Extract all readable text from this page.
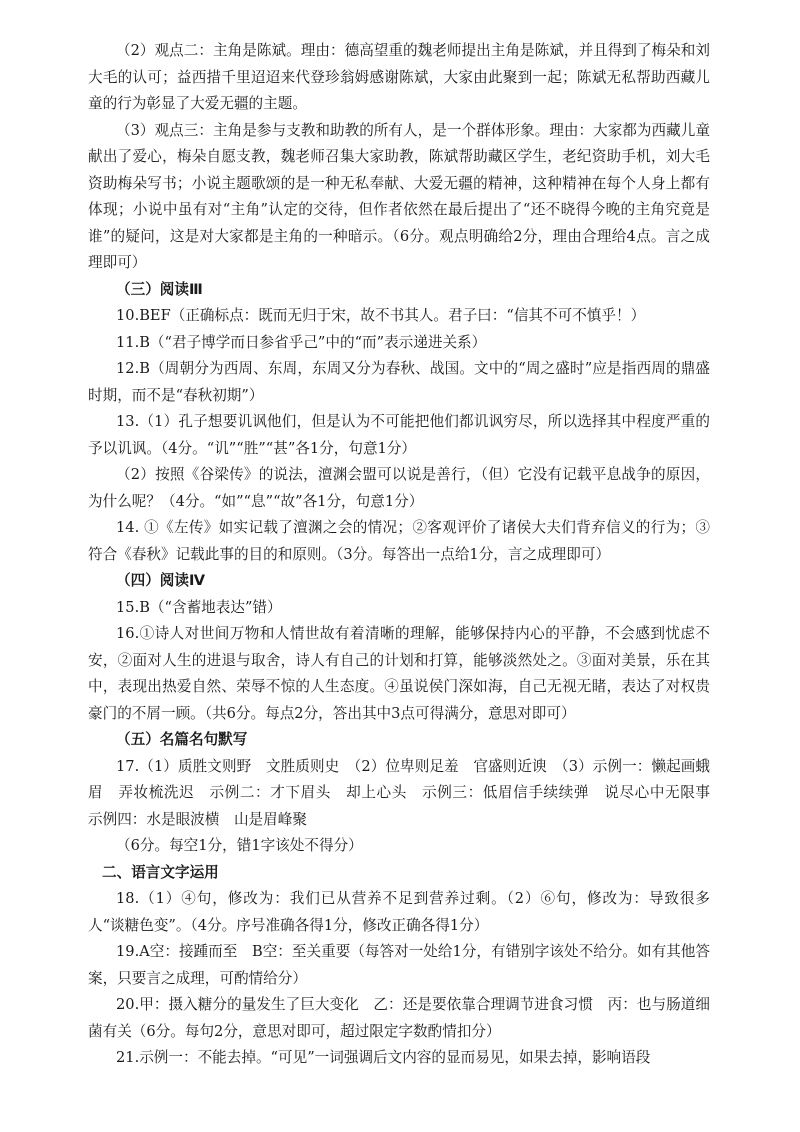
（2）观点二：主角是陈斌。理由：德高望重的魏老师提出主角是陈斌，并且得到了梅朵和刘大毛的认可；益西措千里迢迢来代登珍翁姆感谢陈斌，大家由此聚到一起；陈斌无私帮助西藏儿童的行为彰显了大爱无疆的主题。

（3）观点三：主角是参与支教和助教的所有人，是一个群体形象。理由：大家都为西藏儿童献出了爱心，梅朵自愿支教，魏老师召集大家助教，陈斌帮助藏区学生，老纪资助手机，刘大毛资助梅朵写书；小说主题歌颂的是一种无私奉献、大爱无疆的精神，这种精神在每个人身上都有体现；小说中虽有对“主角”认定的交待，但作者依然在最后提出了“还不晓得今晚的主角究竟是谁”的疑问，这是对大家都是主角的一种暗示。（6分。观点明确给2分，理由合理给4点。言之成理即可）

（三）阅读Ⅲ

10.BEF（正确标点：既而无归于宋，故不书其人。君子曰：“信其不可不慎乎！）

11.B（“君子博学而日参省乎己”中的“而”表示递进关系）

12.B（周朝分为西周、东周，东周又分为春秋、战国。文中的“周之盛时”应是指西周的鼎盛时期，而不是“春秋初期”）

13.（1）孔子想要讥讽他们，但是认为不可能把他们都讥讽穷尽，所以选择其中程度严重的予以讥讽。（4分。“讥”“胜”“甚”各1分，句意1分）

（2）按照《谷梁传》的说法，澶渊会盟可以说是善行，（但）它没有记载平息战争的原因，为什么呢？（4分。“如”“息”“故”各1分，句意1分）

14. ①《左传》如实记载了澶渊之会的情况；②客观评价了诸侯大夫们背弃信义的行为；③符合《春秋》记载此事的目的和原则。（3分。每答出一点给1分，言之成理即可）

（四）阅读Ⅳ

15.B（“含蓄地表达”错）

16.①诗人对世间万物和人情世故有着清晰的理解，能够保持内心的平静，不会感到忧虑不安，②面对人生的进退与取舍，诗人有自己的计划和打算，能够淡然处之。③面对美景，乐在其中，表现出热爱自然、荣辱不惊的人生态度。④虽说侯门深如海，自己无视无睹，表达了对权贵豪门的不屑一顾。（共6分。每点2分，答出其中3点可得满分，意思对即可）

（五）名篇名句默写

17.（1）质胜文则野　文胜质则史　（2）位卑则足羞　官盛则近谀　（3）示例一：懒起画蛾眉　弄妆梳洗迟　示例二：才下眉头　却上心头　示例三：低眉信手续续弹　说尽心中无限事　示例四：水是眼波横　山是眉峰聚

（6分。每空1分，错1字该处不得分）

二、语言文字运用

18.（1）④句，修改为：我们已从营养不足到营养过剩。（2）⑥句，修改为：导致很多人“谈糖色变”。（4分。序号准确各得1分，修改正确各得1分）

19.A空：接踵而至　B空：至关重要（每答对一处给1分，有错别字该处不给分。如有其他答案，只要言之成理，可酌情给分）

20.甲：摄入糖分的量发生了巨大变化　乙：还是要依靠合理调节进食习惯　丙：也与肠道细菌有关（6分。每句2分，意思对即可，超过限定字数酌情扣分）

21.示例一：不能去掉。“可见”一词强调后文内容的显而易见，如果去掉，影响语段
